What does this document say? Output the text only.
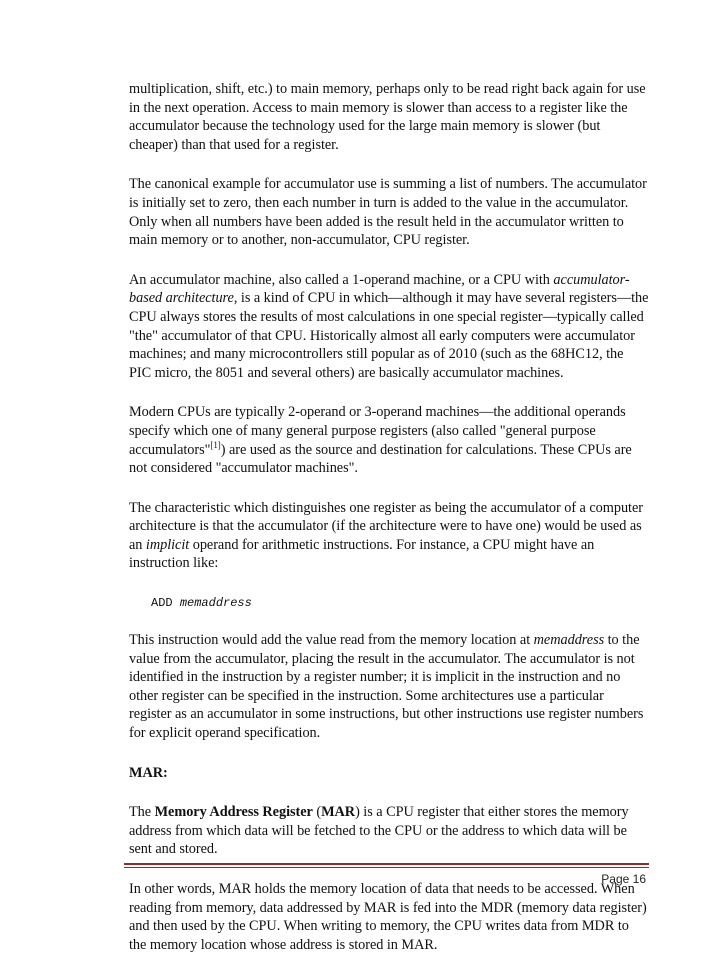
multiplication, shift, etc.) to main memory, perhaps only to be read right back again for use in the next operation. Access to main memory is slower than access to a register like the accumulator because the technology used for the large main memory is slower (but cheaper) than that used for a register.

The canonical example for accumulator use is summing a list of numbers. The accumulator is initially set to zero, then each number in turn is added to the value in the accumulator. Only when all numbers have been added is the result held in the accumulator written to main memory or to another, non-accumulator, CPU register.

An accumulator machine, also called a 1-operand machine, or a CPU with accumulator-based architecture, is a kind of CPU in which—although it may have several registers—the CPU always stores the results of most calculations in one special register—typically called "the" accumulator of that CPU. Historically almost all early computers were accumulator machines; and many microcontrollers still popular as of 2010 (such as the 68HC12, the PIC micro, the 8051 and several others) are basically accumulator machines.

Modern CPUs are typically 2-operand or 3-operand machines—the additional operands specify which one of many general purpose registers (also called "general purpose accumulators"[1]) are used as the source and destination for calculations. These CPUs are not considered "accumulator machines".

The characteristic which distinguishes one register as being the accumulator of a computer architecture is that the accumulator (if the architecture were to have one) would be used as an implicit operand for arithmetic instructions. For instance, a CPU might have an instruction like:

ADD memaddress

This instruction would add the value read from the memory location at memaddress to the value from the accumulator, placing the result in the accumulator. The accumulator is not identified in the instruction by a register number; it is implicit in the instruction and no other register can be specified in the instruction. Some architectures use a particular register as an accumulator in some instructions, but other instructions use register numbers for explicit operand specification.

MAR:

The Memory Address Register (MAR) is a CPU register that either stores the memory address from which data will be fetched to the CPU or the address to which data will be sent and stored.

In other words, MAR holds the memory location of data that needs to be accessed. When reading from memory, data addressed by MAR is fed into the MDR (memory data register) and then used by the CPU. When writing to memory, the CPU writes data from MDR to the memory location whose address is stored in MAR.

Page 16
